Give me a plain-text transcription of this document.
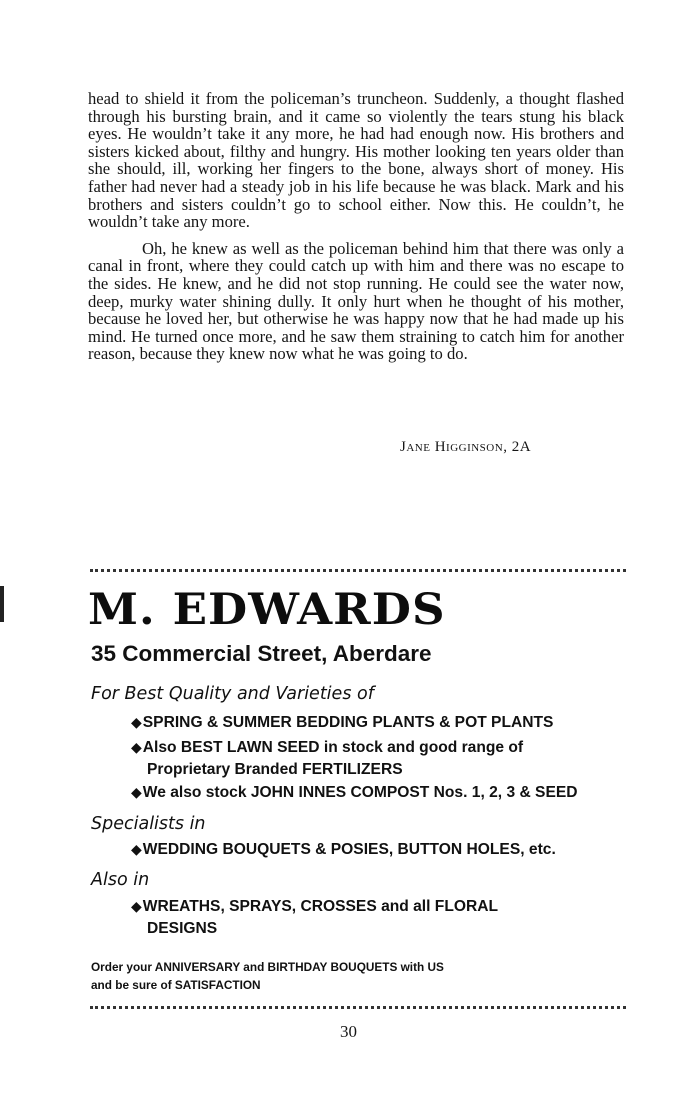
head to shield it from the policeman’s truncheon. Suddenly, a thought flashed through his bursting brain, and it came so violently the tears stung his black eyes. He wouldn’t take it any more, he had had enough now. His brothers and sisters kicked about, filthy and hungry. His mother looking ten years older than she should, ill, working her fingers to the bone, always short of money. His father had never had a steady job in his life because he was black. Mark and his brothers and sisters couldn’t go to school either. Now this. He couldn’t, he wouldn’t take any more.

Oh, he knew as well as the policeman behind him that there was only a canal in front, where they could catch up with him and there was no escape to the sides. He knew, and he did not stop running. He could see the water now, deep, murky water shining dully. It only hurt when he thought of his mother, because he loved her, but otherwise he was happy now that he had made up his mind. He turned once more, and he saw them straining to catch him for another reason, because they knew now what he was going to do.

Jane Higginson, 2A
M. EDWARDS
35 Commercial Street, Aberdare
For Best Quality and Varieties of
◆SPRING & SUMMER BEDDING PLANTS & POT PLANTS
◆Also BEST LAWN SEED in stock and good range of
Proprietary Branded FERTILIZERS
◆We also stock JOHN INNES COMPOST Nos. 1, 2, 3 & SEED
Specialists in
◆WEDDING BOUQUETS & POSIES, BUTTON HOLES, etc.
Also in
◆WREATHS, SPRAYS, CROSSES and all FLORAL
DESIGNS
Order your ANNIVERSARY and BIRTHDAY BOUQUETS with US
and be sure of SATISFACTION
30
